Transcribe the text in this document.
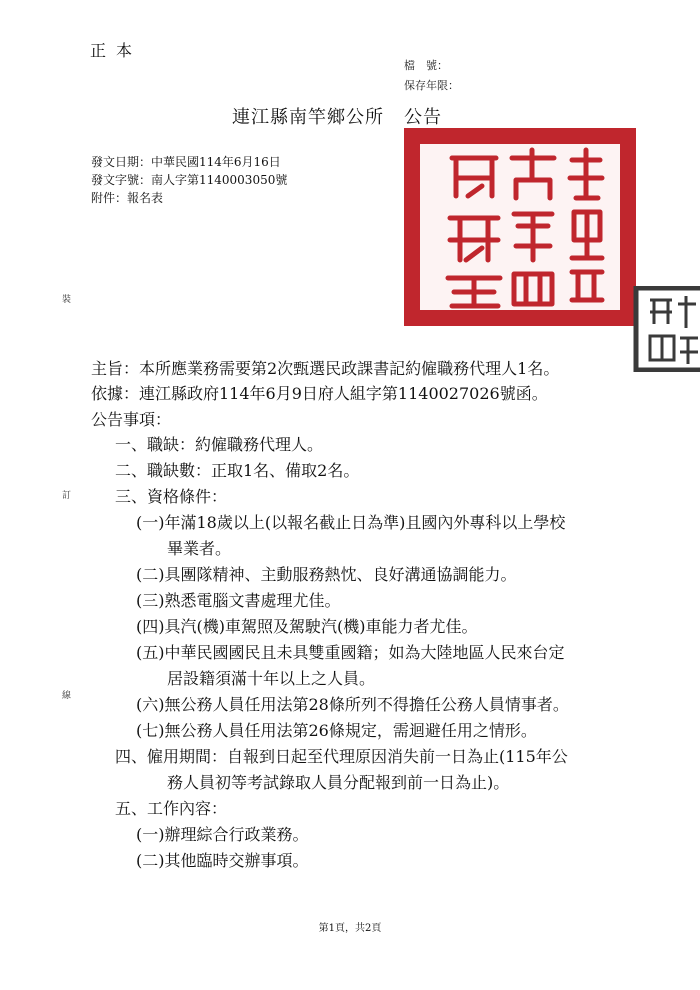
正本
檔　號：
保存年限：
連江縣南竿鄉公所 公告
發文日期：中華民國114年6月16日
發文字號：南人字第1140003050號
附件：報名表
裝
訂
線
主旨：本所應業務需要第2次甄選民政課書記約僱職務代理人1名。
依據：連江縣政府114年6月9日府人組字第1140027026號函。
公告事項：
一、職缺：約僱職務代理人。
二、職缺數：正取1名、備取2名。
三、資格條件：
(一)年滿18歲以上(以報名截止日為準)且國內外專科以上學校
畢業者。
(二)具團隊精神、主動服務熱忱、良好溝通協調能力。
(三)熟悉電腦文書處理尤佳。
(四)具汽(機)車駕照及駕駛汽(機)車能力者尤佳。
(五)中華民國國民且未具雙重國籍；如為大陸地區人民來台定
居設籍須滿十年以上之人員。
(六)無公務人員任用法第28條所列不得擔任公務人員情事者。
(七)無公務人員任用法第26條規定，需迴避任用之情形。
四、僱用期間：自報到日起至代理原因消失前一日為止(115年公
務人員初等考試錄取人員分配報到前一日為止)。
五、工作內容：
(一)辦理綜合行政業務。
(二)其他臨時交辦事項。
第1頁，共2頁
